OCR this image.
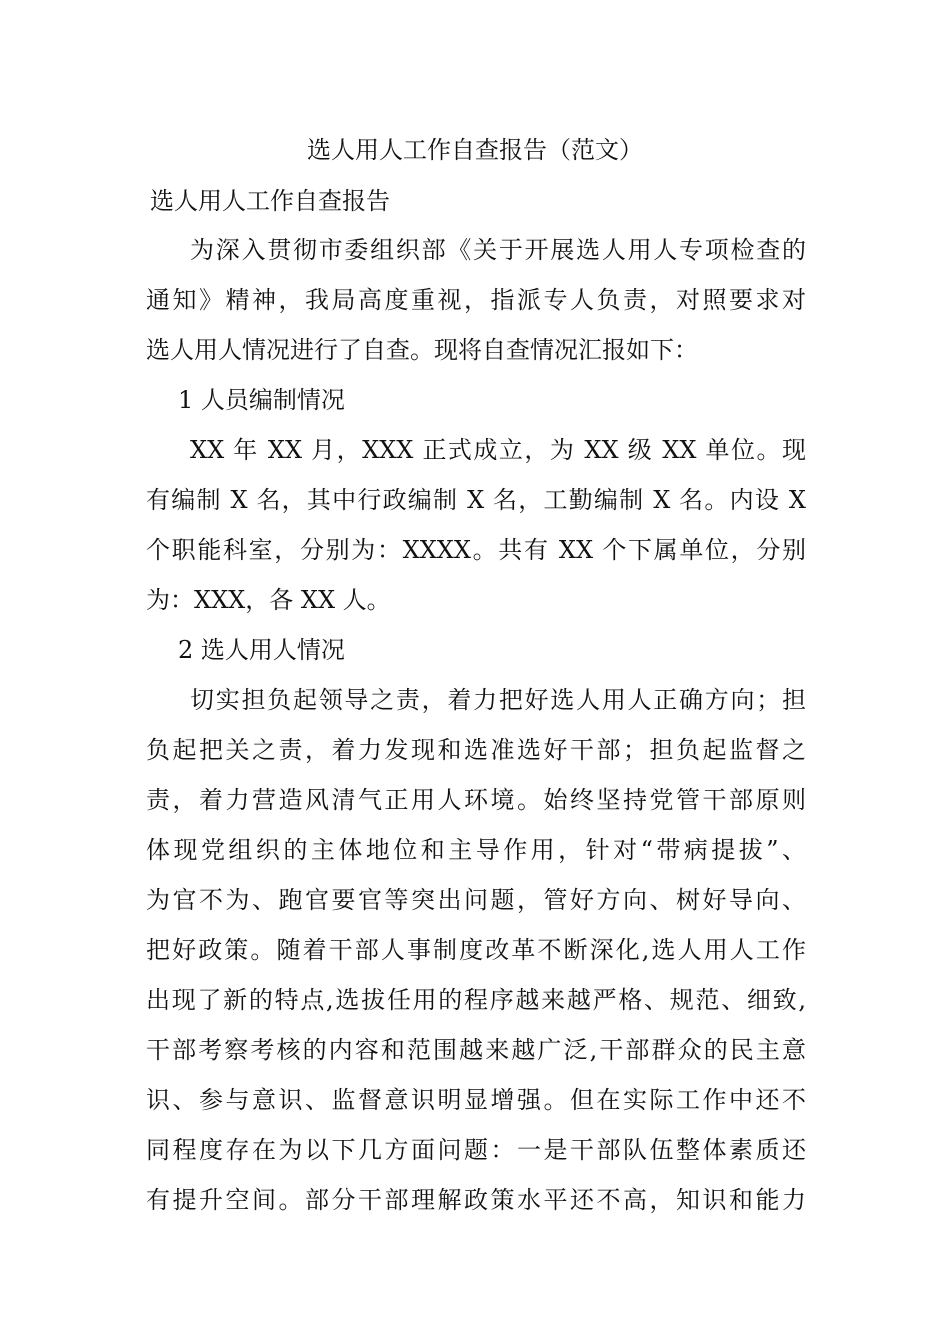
选人用人工作自查报告（范文）
选人用人工作自查报告
为深入贯彻市委组织部《关于开展选人用人专项检查的
通知》精神，我局高度重视，指派专人负责，对照要求对
选人用人情况进行了自查。现将自查情况汇报如下：
1 人员编制情况
XX 年 XX 月，XXX 正式成立，为 XX 级 XX 单位。现
有编制 X 名，其中行政编制 X 名，工勤编制 X 名。内设 X
个职能科室，分别为：XXXX。共有 XX 个下属单位，分别
为：XXX，各 XX 人。
2 选人用人情况
切实担负起领导之责，着力把好选人用人正确方向；担
负起把关之责，着力发现和选准选好干部；担负起监督之
责，着力营造风清气正用人环境。始终坚持党管干部原则
体现党组织的主体地位和主导作用，针对“带病提拔”、
为官不为、跑官要官等突出问题，管好方向、树好导向、
把好政策。随着干部人事制度改革不断深化,选人用人工作
出现了新的特点,选拔任用的程序越来越严格、规范、细致,
干部考察考核的内容和范围越来越广泛,干部群众的民主意
识、参与意识、监督意识明显增强。但在实际工作中还不
同程度存在为以下几方面问题：一是干部队伍整体素质还
有提升空间。部分干部理解政策水平还不高，知识和能力
